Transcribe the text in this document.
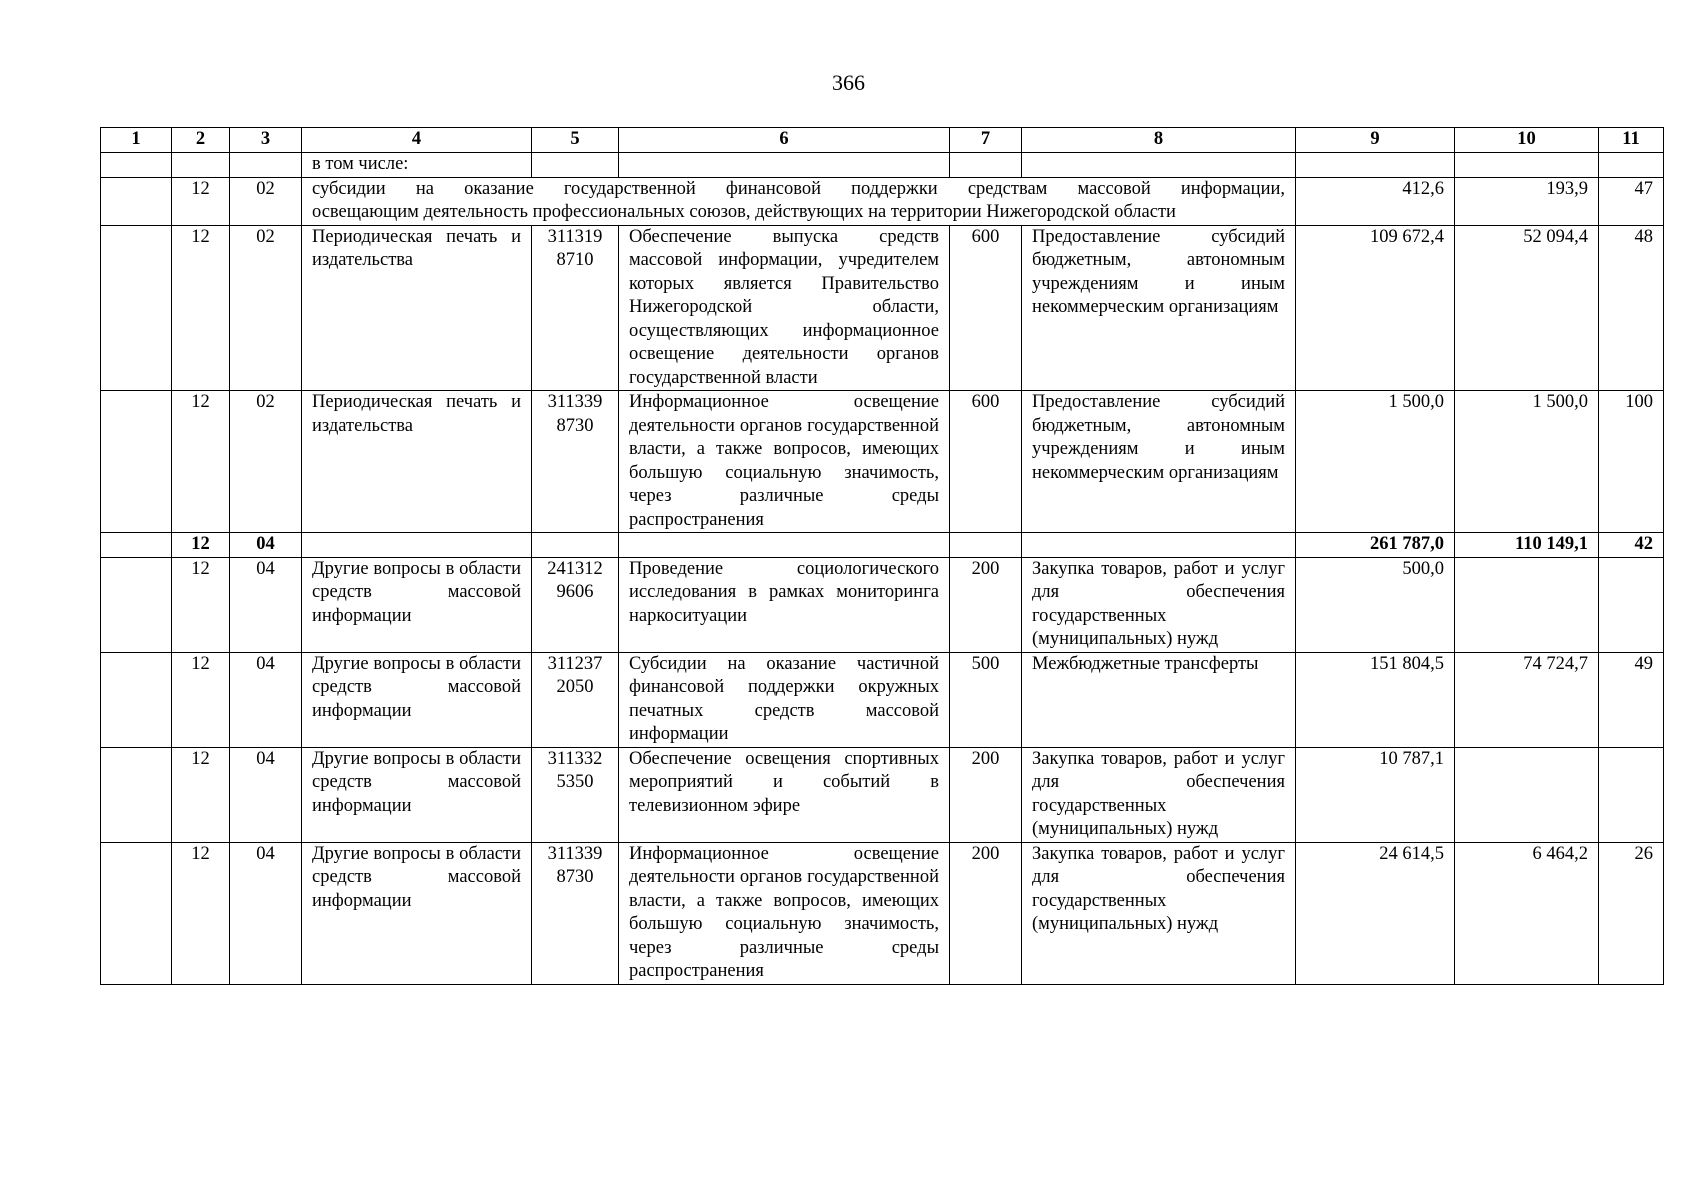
366
1	2	3	4	5	6	7	8	9	10	11
			в том числе:							
	12	02	субсидии на оказание государственной финансовой поддержки средствам массовой информации,
освещающим деятельность профессиональных союзов, действующих на территории Нижегородской области					412,6	193,9	47
	12	02	Периодическая печать и издательства	311319
8710	Обеспечение выпуска средств массовой информации, учредителем которых является Правительство Нижегородской области, осуществляющих информационное освещение деятельности органов государственной власти	600	Предоставление субсидий бюджетным, автономным учреждениям и иным некоммерческим организациям	109 672,4	52 094,4	48
	12	02	Периодическая печать и издательства	311339
8730	Информационное освещение деятельности органов государственной власти, а также вопросов, имеющих большую социальную значимость, через различные среды распространения	600	Предоставление субсидий бюджетным, автономным учреждениям и иным некоммерческим организациям	1 500,0	1 500,0	100
	12	04						261 787,0	110 149,1	42
	12	04	Другие вопросы в области средств массовой информации	241312
9606	Проведение социологического исследования в рамках мониторинга наркоситуации	200	Закупка товаров, работ и услуг для обеспечения государственных (муниципальных) нужд	500,0		
	12	04	Другие вопросы в области средств массовой информации	311237
2050	Субсидии на оказание частичной финансовой поддержки окружных печатных средств массовой информации	500	Межбюджетные трансферты	151 804,5	74 724,7	49
	12	04	Другие вопросы в области средств массовой информации	311332
5350	Обеспечение освещения спортивных мероприятий и событий в телевизионном эфире	200	Закупка товаров, работ и услуг для обеспечения государственных (муниципальных) нужд	10 787,1		
	12	04	Другие вопросы в области средств массовой информации	311339
8730	Информационное освещение деятельности органов государственной власти, а также вопросов, имеющих большую социальную значимость, через различные среды распространения	200	Закупка товаров, работ и услуг для обеспечения государственных (муниципальных) нужд	24 614,5	6 464,2	26
